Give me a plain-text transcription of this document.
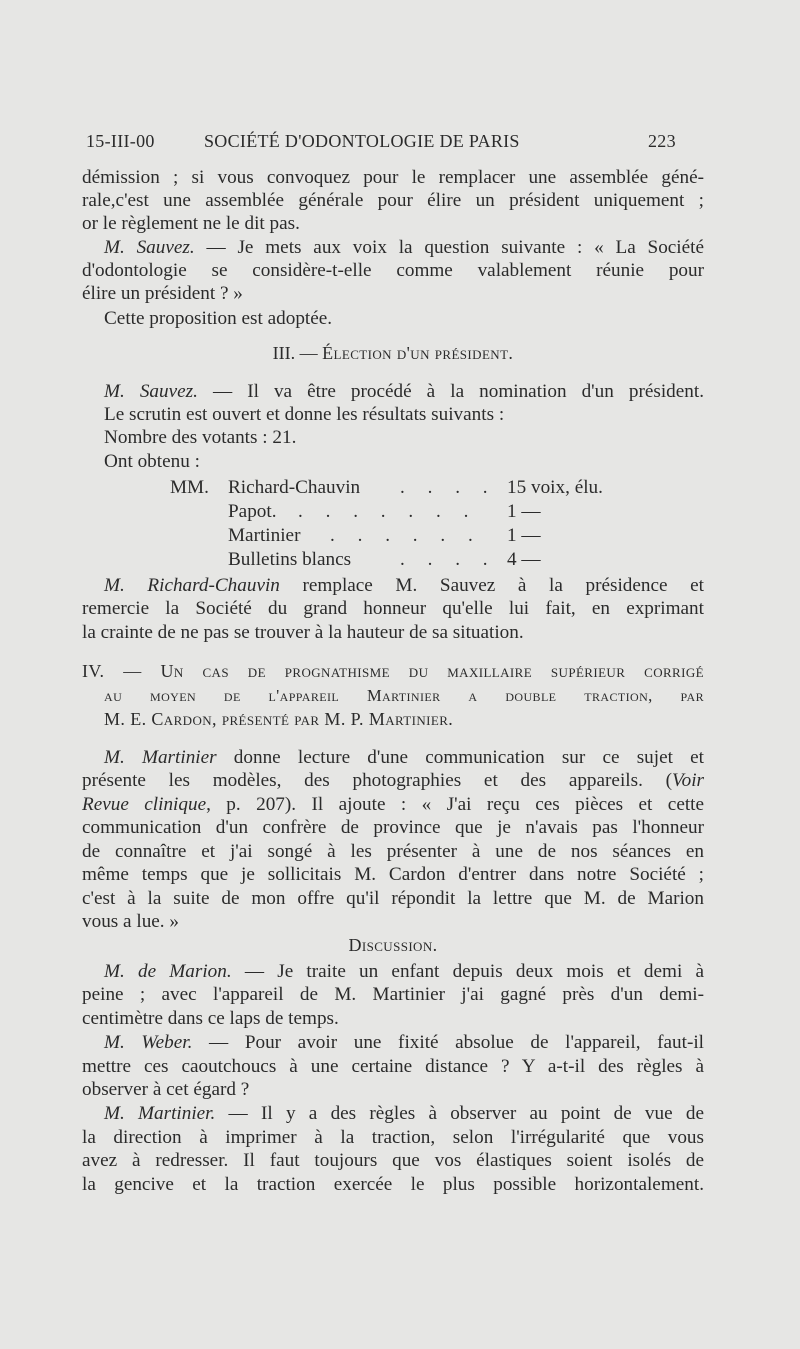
15-III-00	SOCIÉTÉ D'ODONTOLOGIE DE PARIS	223
démission ; si vous convoquez pour le remplacer une assemblée géné-
rale,c'est une assemblée générale pour élire un président uniquement ;
or le règlement ne le dit pas.
M. Sauvez. — Je mets aux voix la question suivante : « La Société
d'odontologie se considère-t-elle comme valablement réunie pour
élire un président ? »
Cette proposition est adoptée.
III. — Élection d'un président.
M. Sauvez. — Il va être procédé à la nomination d'un président.
Le scrutin est ouvert et donne les résultats suivants :
Nombre des votants : 21.
Ont obtenu :
MM. Richard-Chauvin . . . . 15 voix, élu.
Papot. . . . . . . . 1 —
Martinier . . . . . . 1 —
Bulletins blancs	. . . . 4 —
M. Richard-Chauvin remplace M. Sauvez à la présidence et
remercie la Société du grand honneur qu'elle lui fait, en exprimant
la crainte de ne pas se trouver à la hauteur de sa situation.
IV. — Un cas de prognathisme du maxillaire supérieur corrigé
au moyen de l'appareil Martinier a double traction, par
M. E. Cardon, présenté par M. P. Martinier.
M. Martinier donne lecture d'une communication sur ce sujet et
présente les modèles, des photographies et des appareils. (Voir
Revue clinique, p. 207). Il ajoute : « J'ai reçu ces pièces et cette
communication d'un confrère de province que je n'avais pas l'honneur
de connaître et j'ai songé à les présenter à une de nos séances en
même temps que je sollicitais M. Cardon d'entrer dans notre Société ;
c'est à la suite de mon offre qu'il répondit la lettre que M. de Marion
vous a lue. »
Discussion.
M. de Marion. — Je traite un enfant depuis deux mois et demi à
peine ; avec l'appareil de M. Martinier j'ai gagné près d'un demi-
centimètre dans ce laps de temps.
M. Weber. — Pour avoir une fixité absolue de l'appareil, faut-il
mettre ces caoutchoucs à une certaine distance ? Y a-t-il des règles à
observer à cet égard ?
M. Martinier. — Il y a des règles à observer au point de vue de
la direction à imprimer à la traction, selon l'irrégularité que vous
avez à redresser. Il faut toujours que vos élastiques soient isolés de
la gencive et la traction exercée le plus possible horizontalement.
